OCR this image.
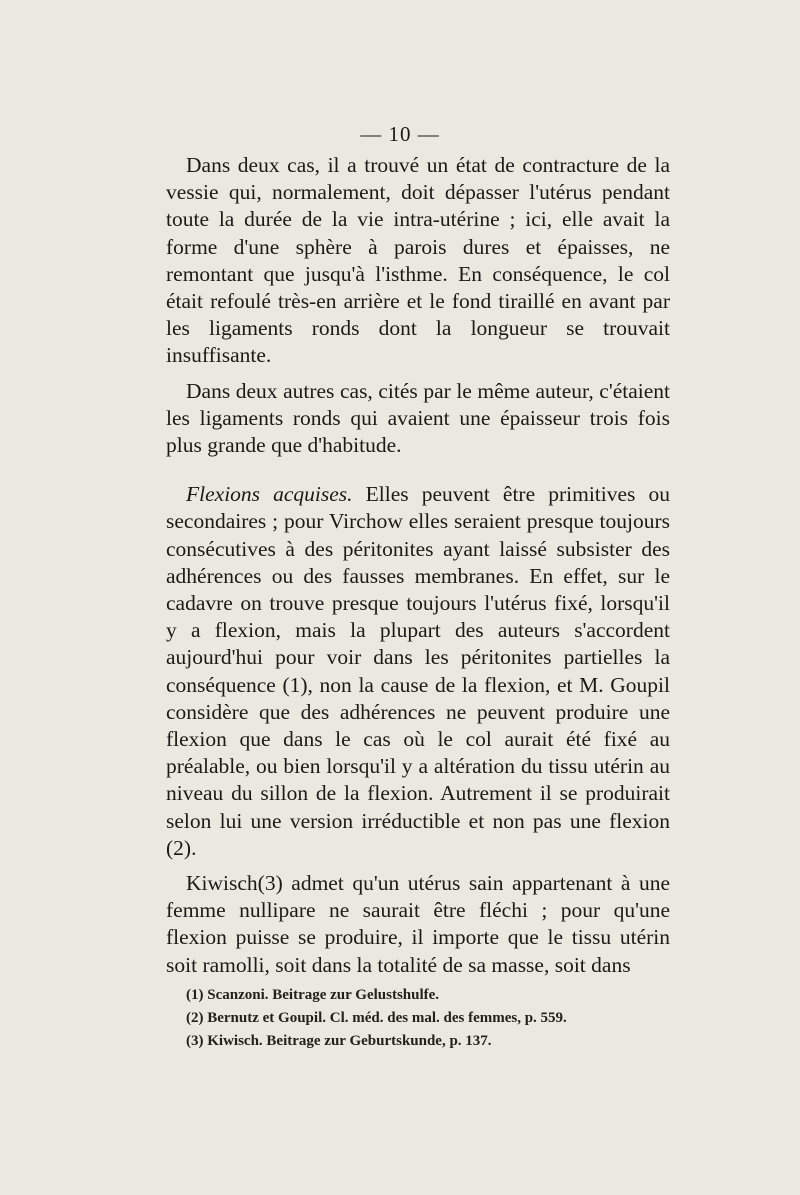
— 10 —

Dans deux cas, il a trouvé un état de contracture de la vessie qui, normalement, doit dépasser l'utérus pendant toute la durée de la vie intra-utérine ; ici, elle avait la forme d'une sphère à parois dures et épaisses, ne remontant que jusqu'à l'isthme. En conséquence, le col était refoulé très-en arrière et le fond tiraillé en avant par les ligaments ronds dont la longueur se trouvait insuffisante.

Dans deux autres cas, cités par le même auteur, c'étaient les ligaments ronds qui avaient une épaisseur trois fois plus grande que d'habitude.

Flexions acquises. Elles peuvent être primitives ou secondaires ; pour Virchow elles seraient presque toujours consécutives à des péritonites ayant laissé subsister des adhérences ou des fausses membranes. En effet, sur le cadavre on trouve presque toujours l'utérus fixé, lorsqu'il y a flexion, mais la plupart des auteurs s'accordent aujourd'hui pour voir dans les péritonites partielles la conséquence (1), non la cause de la flexion, et M. Goupil considère que des adhérences ne peuvent produire une flexion que dans le cas où le col aurait été fixé au préalable, ou bien lorsqu'il y a altération du tissu utérin au niveau du sillon de la flexion. Autrement il se produirait selon lui une version irréductible et non pas une flexion (2).

Kiwisch(3) admet qu'un utérus sain appartenant à une femme nullipare ne saurait être fléchi ; pour qu'une flexion puisse se produire, il importe que le tissu utérin soit ramolli, soit dans la totalité de sa masse, soit dans

(1) Scanzoni. Beitrage zur Gelustshulfe.

(2) Bernutz et Goupil. Cl. méd. des mal. des femmes, p. 559.

(3) Kiwisch. Beitrage zur Geburtskunde, p. 137.
